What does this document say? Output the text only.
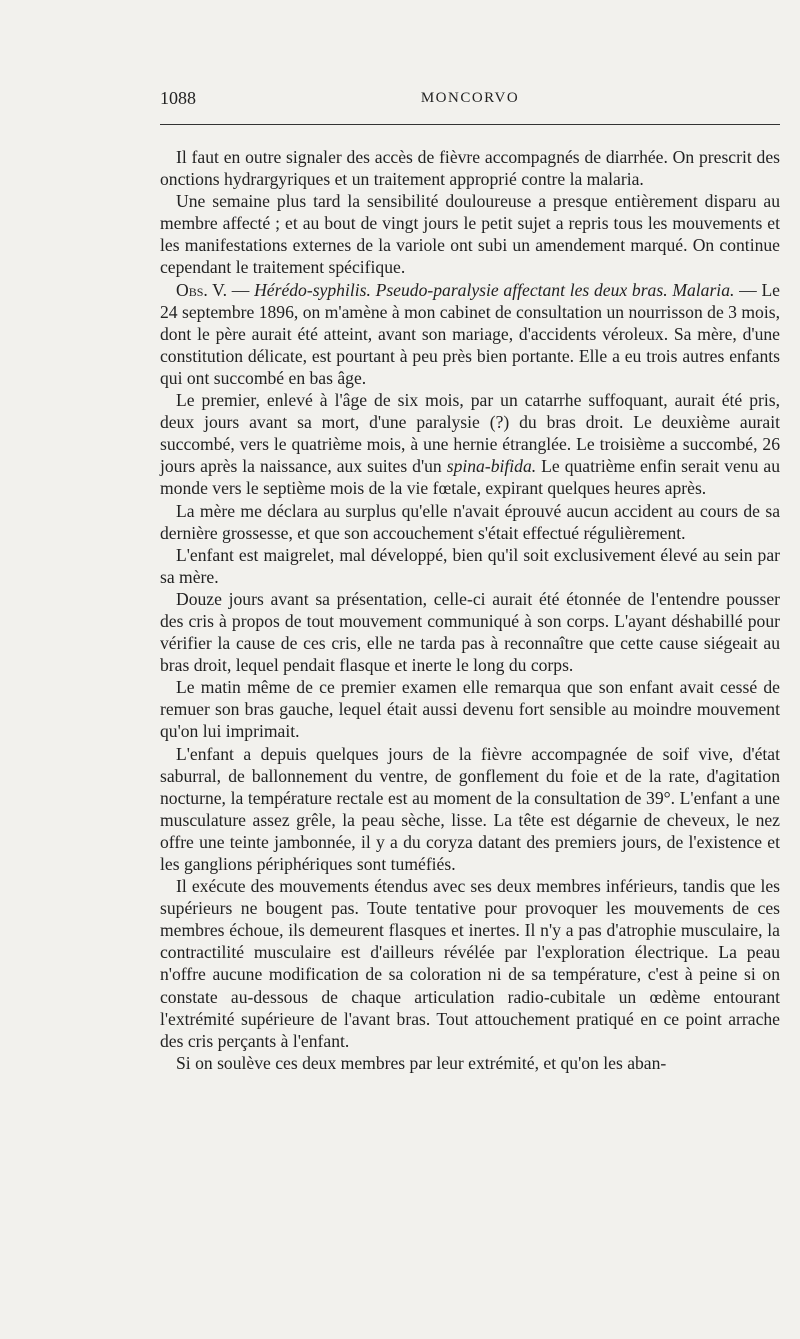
1088	MONCORVO

Il faut en outre signaler des accès de fièvre accompagnés de diarrhée. On prescrit des onctions hydrargyriques et un traitement approprié contre la malaria.

Une semaine plus tard la sensibilité douloureuse a presque entièrement disparu au membre affecté ; et au bout de vingt jours le petit sujet a repris tous les mouvements et les manifestations externes de la variole ont subi un amendement marqué. On continue cependant le traitement spécifique.

Obs. V. — Hérédo-syphilis. Pseudo-paralysie affectant les deux bras. Malaria. — Le 24 septembre 1896, on m'amène à mon cabinet de consultation un nourrisson de 3 mois, dont le père aurait été atteint, avant son mariage, d'accidents véroleux. Sa mère, d'une constitution délicate, est pourtant à peu près bien portante. Elle a eu trois autres enfants qui ont succombé en bas âge.

Le premier, enlevé à l'âge de six mois, par un catarrhe suffoquant, aurait été pris, deux jours avant sa mort, d'une paralysie (?) du bras droit. Le deuxième aurait succombé, vers le quatrième mois, à une hernie étranglée. Le troisième a succombé, 26 jours après la naissance, aux suites d'un spina-bifida. Le quatrième enfin serait venu au monde vers le septième mois de la vie fœtale, expirant quelques heures après.

La mère me déclara au surplus qu'elle n'avait éprouvé aucun accident au cours de sa dernière grossesse, et que son accouchement s'était effectué régulièrement.

L'enfant est maigrelet, mal développé, bien qu'il soit exclusivement élevé au sein par sa mère.

Douze jours avant sa présentation, celle-ci aurait été étonnée de l'entendre pousser des cris à propos de tout mouvement communiqué à son corps. L'ayant déshabillé pour vérifier la cause de ces cris, elle ne tarda pas à reconnaître que cette cause siégeait au bras droit, lequel pendait flasque et inerte le long du corps.

Le matin même de ce premier examen elle remarqua que son enfant avait cessé de remuer son bras gauche, lequel était aussi devenu fort sensible au moindre mouvement qu'on lui imprimait.

L'enfant a depuis quelques jours de la fièvre accompagnée de soif vive, d'état saburral, de ballonnement du ventre, de gonflement du foie et de la rate, d'agitation nocturne, la température rectale est au moment de la consultation de 39°. L'enfant a une musculature assez grêle, la peau sèche, lisse. La tête est dégarnie de cheveux, le nez offre une teinte jambonnée, il y a du coryza datant des premiers jours, de l'existence et les ganglions périphériques sont tuméfiés.

Il exécute des mouvements étendus avec ses deux membres inférieurs, tandis que les supérieurs ne bougent pas. Toute tentative pour provoquer les mouvements de ces membres échoue, ils demeurent flasques et inertes. Il n'y a pas d'atrophie musculaire, la contractilité musculaire est d'ailleurs révélée par l'exploration électrique. La peau n'offre aucune modification de sa coloration ni de sa température, c'est à peine si on constate au-dessous de chaque articulation radio-cubitale un œdème entourant l'extrémité supérieure de l'avant bras. Tout attouchement pratiqué en ce point arrache des cris perçants à l'enfant.

Si on soulève ces deux membres par leur extrémité, et qu'on les aban-
